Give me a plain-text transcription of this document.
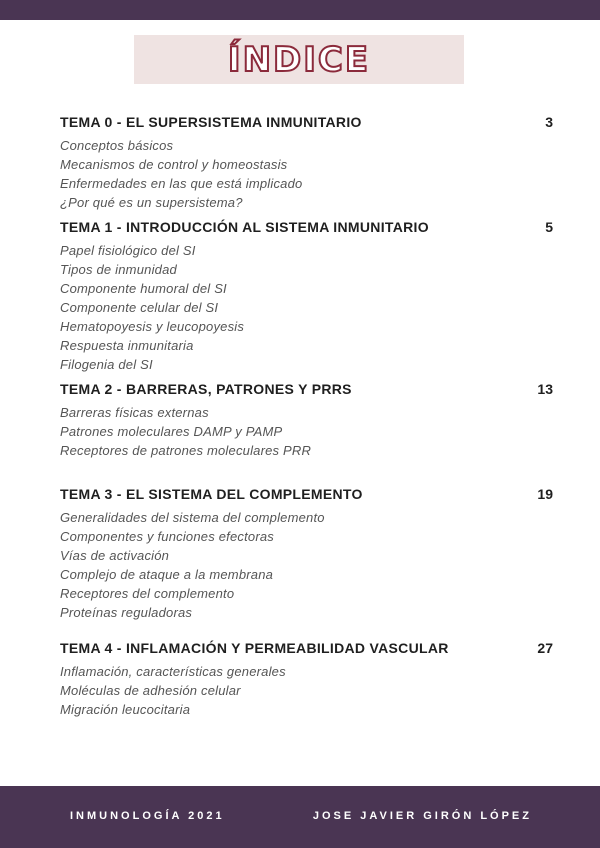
ÍNDICE
TEMA 0 - EL SUPERSISTEMA INMUNITARIO	3
Conceptos básicos
Mecanismos de control y homeostasis
Enfermedades en las que está implicado
¿Por qué es un supersistema?
TEMA 1 - INTRODUCCIÓN AL SISTEMA INMUNITARIO	5
Papel fisiológico del SI
Tipos de inmunidad
Componente humoral del SI
Componente celular del SI
Hematopoyesis y leucopoyesis
Respuesta inmunitaria
Filogenia del SI
TEMA 2 - BARRERAS, PATRONES Y PRRS	13
Barreras físicas externas
Patrones moleculares DAMP y PAMP
Receptores de patrones moleculares PRR
TEMA 3 - EL SISTEMA DEL COMPLEMENTO	19
Generalidades del sistema del complemento
Componentes y funciones efectoras
Vías de activación
Complejo de ataque a la membrana
Receptores del complemento
Proteínas reguladoras
TEMA 4 - INFLAMACIÓN Y PERMEABILIDAD VASCULAR	27
Inflamación, características generales
Moléculas de adhesión celular
Migración leucocitaria
INMUNOLOGÍA 2021	JOSE JAVIER GIRÓN LÓPEZ
